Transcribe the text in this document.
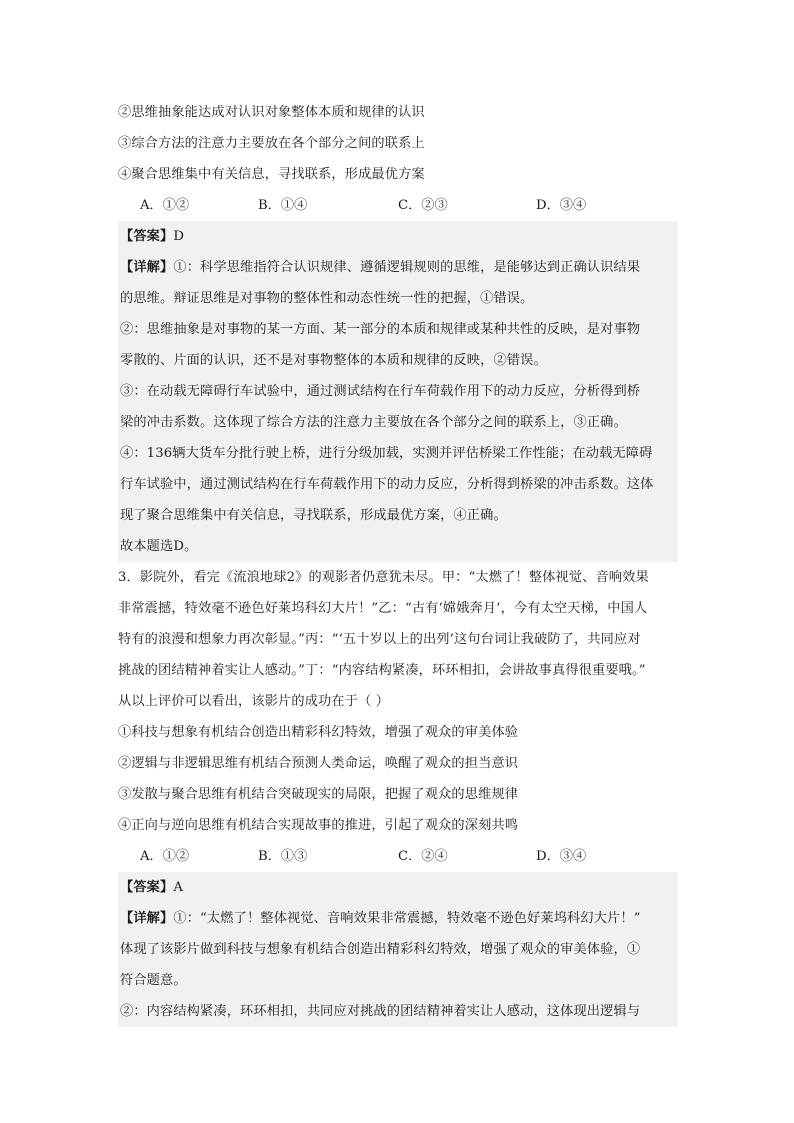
②思维抽象能达成对认识对象整体本质和规律的认识
③综合方法的注意力主要放在各个部分之间的联系上
④聚合思维集中有关信息，寻找联系，形成最优方案
A．①②	B．①④	C．②③	D．③④
【答案】D
【详解】①：科学思维指符合认识规律、遵循逻辑规则的思维，是能够达到正确认识结果
的思维。辩证思维是对事物的整体性和动态性统一性的把握，①错误。
②：思维抽象是对事物的某一方面、某一部分的本质和规律或某种共性的反映，是对事物
零散的、片面的认识，还不是对事物整体的本质和规律的反映，②错误。
③：在动载无障碍行车试验中，通过测试结构在行车荷载作用下的动力反应，分析得到桥
梁的冲击系数。这体现了综合方法的注意力主要放在各个部分之间的联系上，③正确。
④：136辆大货车分批行驶上桥，进行分级加载，实测并评估桥梁工作性能；在动载无障碍
行车试验中，通过测试结构在行车荷载作用下的动力反应，分析得到桥梁的冲击系数。这体
现了聚合思维集中有关信息，寻找联系，形成最优方案，④正确。
故本题选D。
3．影院外，看完《流浪地球2》的观影者仍意犹未尽。甲：“太燃了！整体视觉、音响效果
非常震撼，特效毫不逊色好莱坞科幻大片！”乙：“古有‘嫦娥奔月’，今有太空天梯，中国人
特有的浪漫和想象力再次彰显。”丙：“‘五十岁以上的出列’这句台词让我破防了，共同应对
挑战的团结精神着实让人感动。”丁：“内容结构紧凑，环环相扣，会讲故事真得很重要哦。”
从以上评价可以看出，该影片的成功在于（ ）
①科技与想象有机结合创造出精彩科幻特效，增强了观众的审美体验
②逻辑与非逻辑思维有机结合预测人类命运，唤醒了观众的担当意识
③发散与聚合思维有机结合突破现实的局限，把握了观众的思维规律
④正向与逆向思维有机结合实现故事的推进，引起了观众的深刻共鸣
A．①②	B．①③	C．②④	D．③④
【答案】A
【详解】①：“太燃了！整体视觉、音响效果非常震撼，特效毫不逊色好莱坞科幻大片！”
体现了该影片做到科技与想象有机结合创造出精彩科幻特效，增强了观众的审美体验，①
符合题意。
②：内容结构紧凑，环环相扣，共同应对挑战的团结精神着实让人感动，这体现出逻辑与
